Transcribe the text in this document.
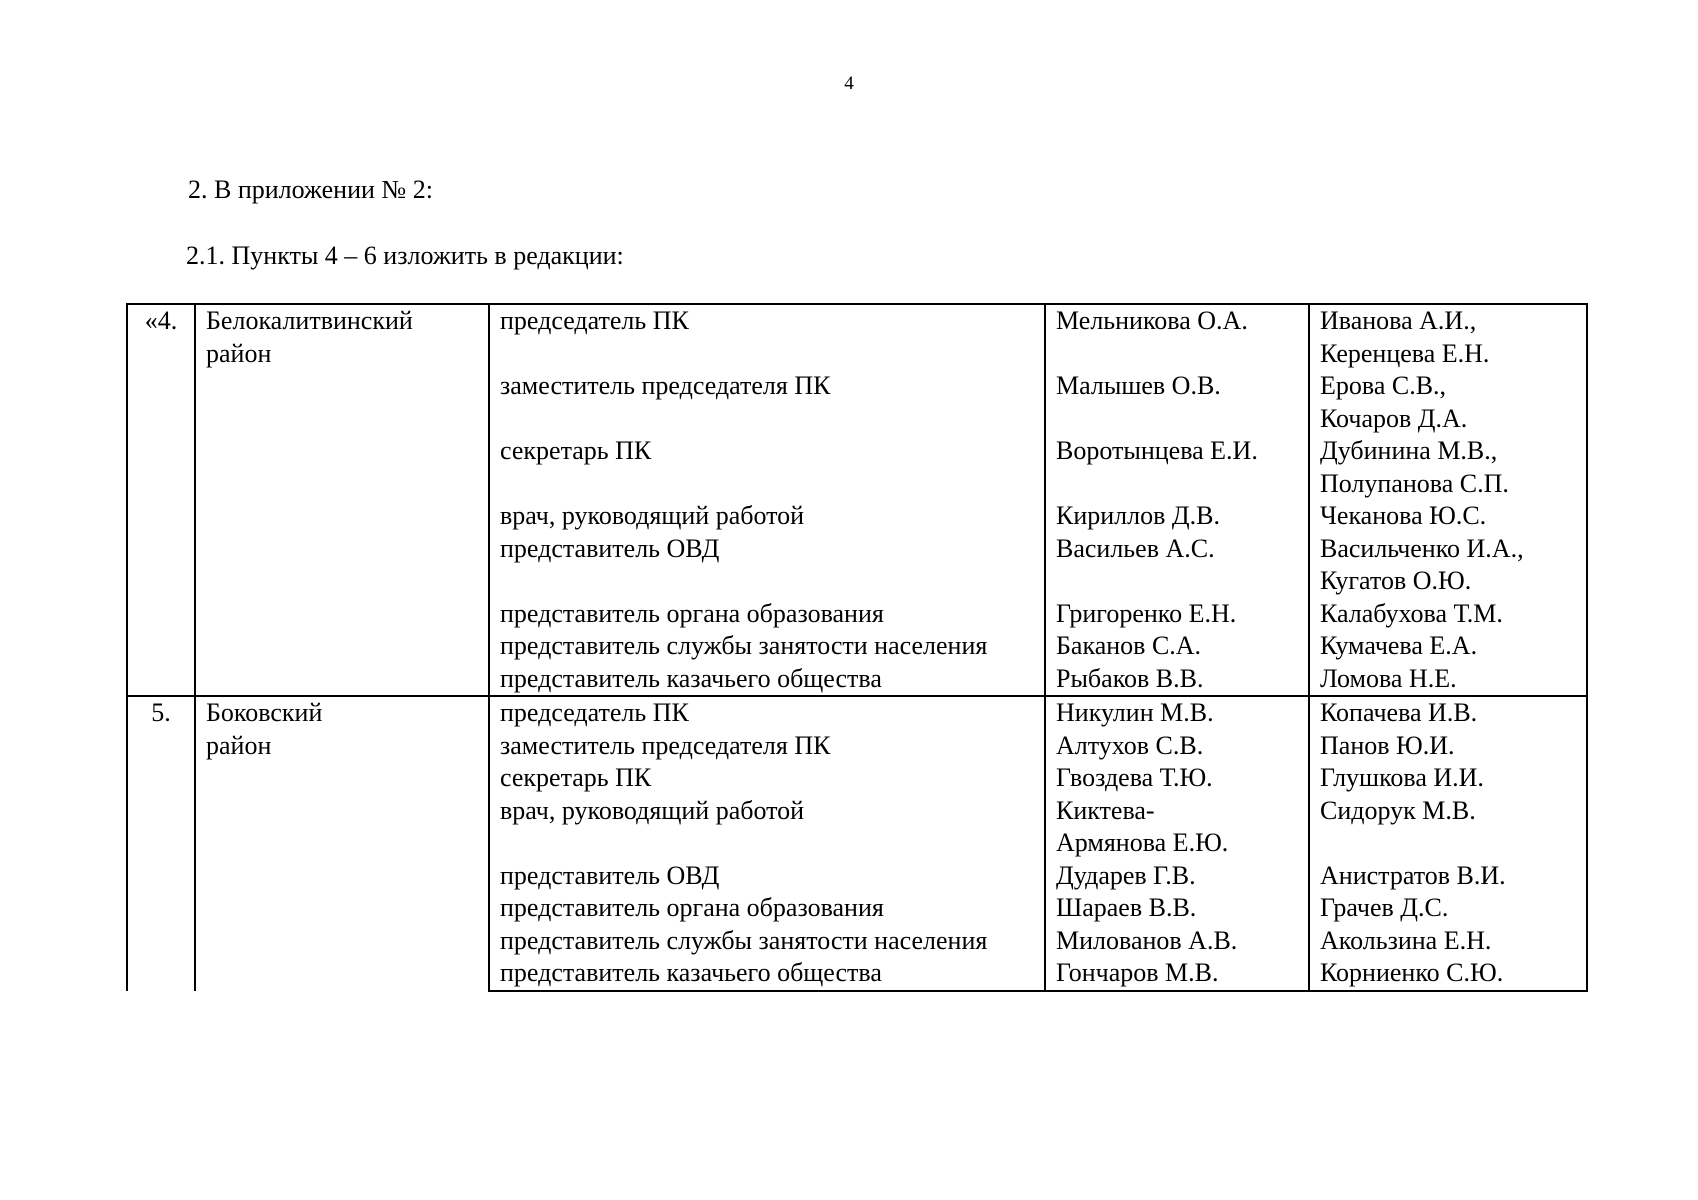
4
2. В приложении № 2:
2.1. Пункты 4 – 6 изложить в редакции:
«4.	Белокалитвинский
район	председатель ПК	Мельникова О.А.	Иванова А.И.,
Керенцева Е.Н.

		заместитель председателя ПК	Малышев О.В.	Ерова С.В.,
Кочаров Д.А.

		секретарь ПК	Воротынцева Е.И.	Дубинина М.В.,
Полупанова С.П.

		врач, руководящий работой	Кириллов Д.В.	Чеканова Ю.С.

		представитель ОВД	Васильев А.С.	Васильченко И.А.,
Кугатов О.Ю.

		представитель органа образования	Григоренко Е.Н.	Калабухова Т.М.

		представитель службы занятости населения	Баканов С.А.	Кумачева Е.А.

		представитель казачьего общества	Рыбаков В.В.	Ломова Н.Е.

5.	Боковский
район	председатель ПК	Никулин М.В.	Копачева И.В.

		заместитель председателя ПК	Алтухов С.В.	Панов Ю.И.

		секретарь ПК	Гвоздева Т.Ю.	Глушкова И.И.

		врач, руководящий работой	Киктева-
Армянова Е.Ю.	Сидорук М.В.

		представитель ОВД	Дударев Г.В.	Анистратов В.И.

		представитель органа образования	Шараев В.В.	Грачев Д.С.

		представитель службы занятости населения	Милованов А.В.	Акользина Е.Н.

		представитель казачьего общества	Гончаров М.В.	Корниенко С.Ю.
